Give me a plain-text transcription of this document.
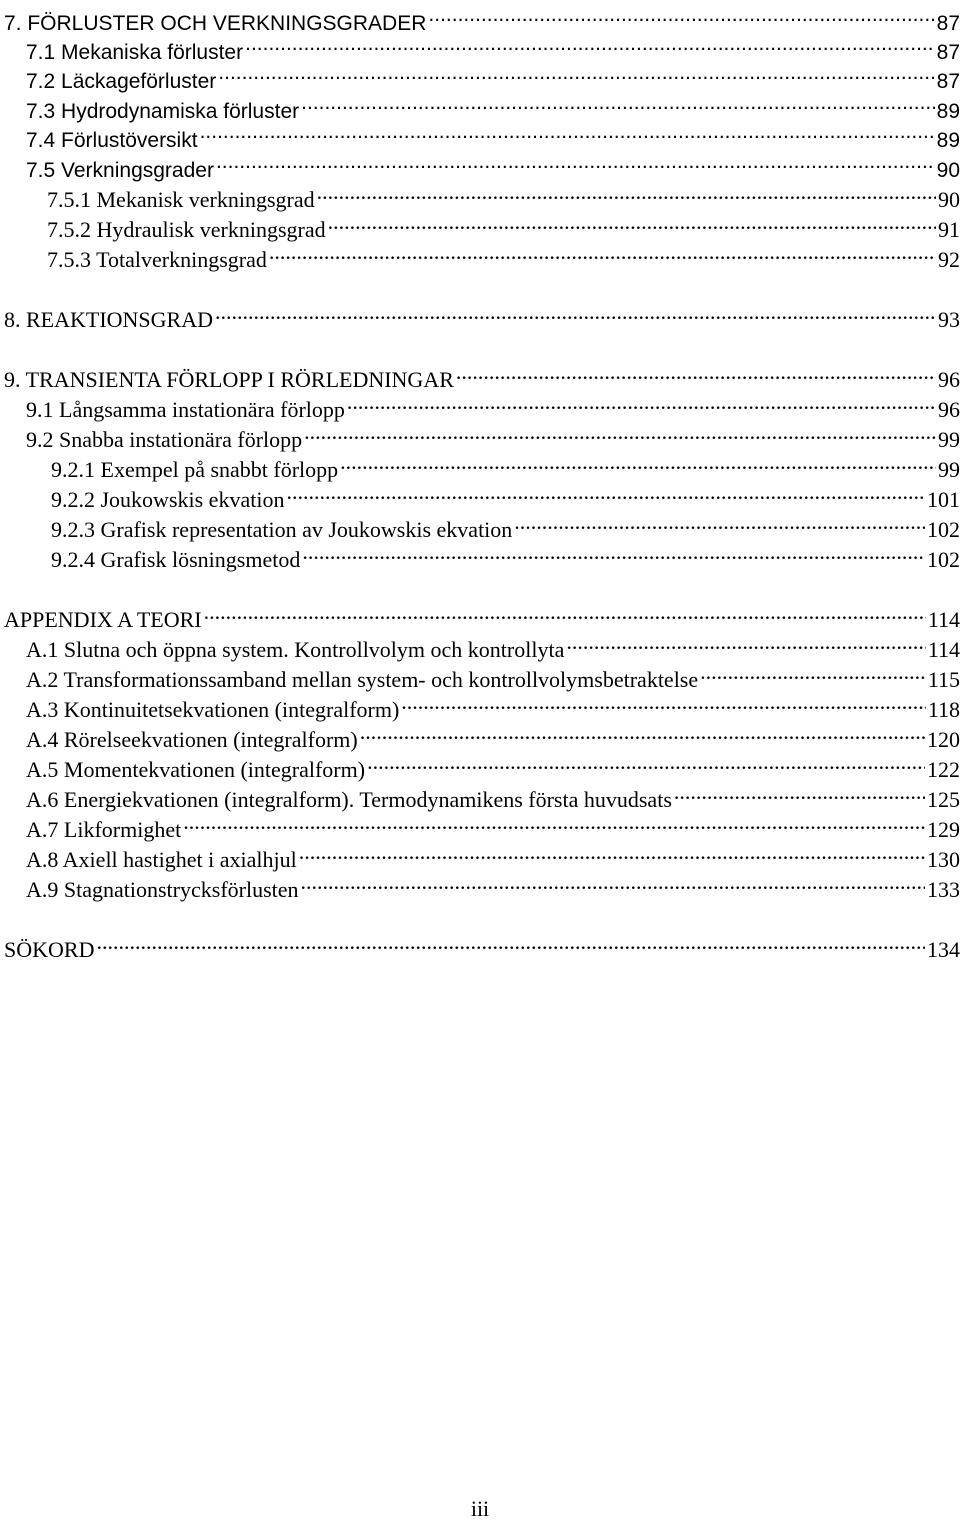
7. FÖRLUSTER OCH VERKNINGSGRADER .....	87
7.1 Mekaniska förluster .....	87
7.2 Läckageförluster .....	87
7.3 Hydrodynamiska förluster .....	89
7.4 Förlustöversikt .....	89
7.5 Verkningsgrader .....	90
7.5.1 Mekanisk verkningsgrad .....	90
7.5.2 Hydraulisk verkningsgrad .....	91
7.5.3 Totalverkningsgrad .....	92
8. REAKTIONSGRAD .....	93
9. TRANSIENTA FÖRLOPP I RÖRLEDNINGAR .....	96
9.1 Långsamma instationära förlopp .....	96
9.2 Snabba instationära förlopp .....	99
9.2.1 Exempel på snabbt förlopp .....	99
9.2.2 Joukowskis ekvation .....	101
9.2.3 Grafisk representation av Joukowskis ekvation .....	102
9.2.4 Grafisk lösningsmetod .....	102
APPENDIX A TEORI .....	114
A.1 Slutna och öppna system. Kontrollvolym och kontrollyta .....	114
A.2 Transformationssamband mellan system- och kontrollvolymsbetraktelse .....	115
A.3 Kontinuitetsekvationen (integralform) .....	118
A.4 Rörelseekvationen (integralform) .....	120
A.5 Momentekvationen (integralform) .....	122
A.6 Energiekvationen (integralform). Termodynamikens första huvudsats .....	125
A.7 Likformighet .....	129
A.8 Axiell hastighet i axialhjul .....	130
A.9 Stagnationstrycksförlusten .....	133
SÖKORD .....	134
iii
